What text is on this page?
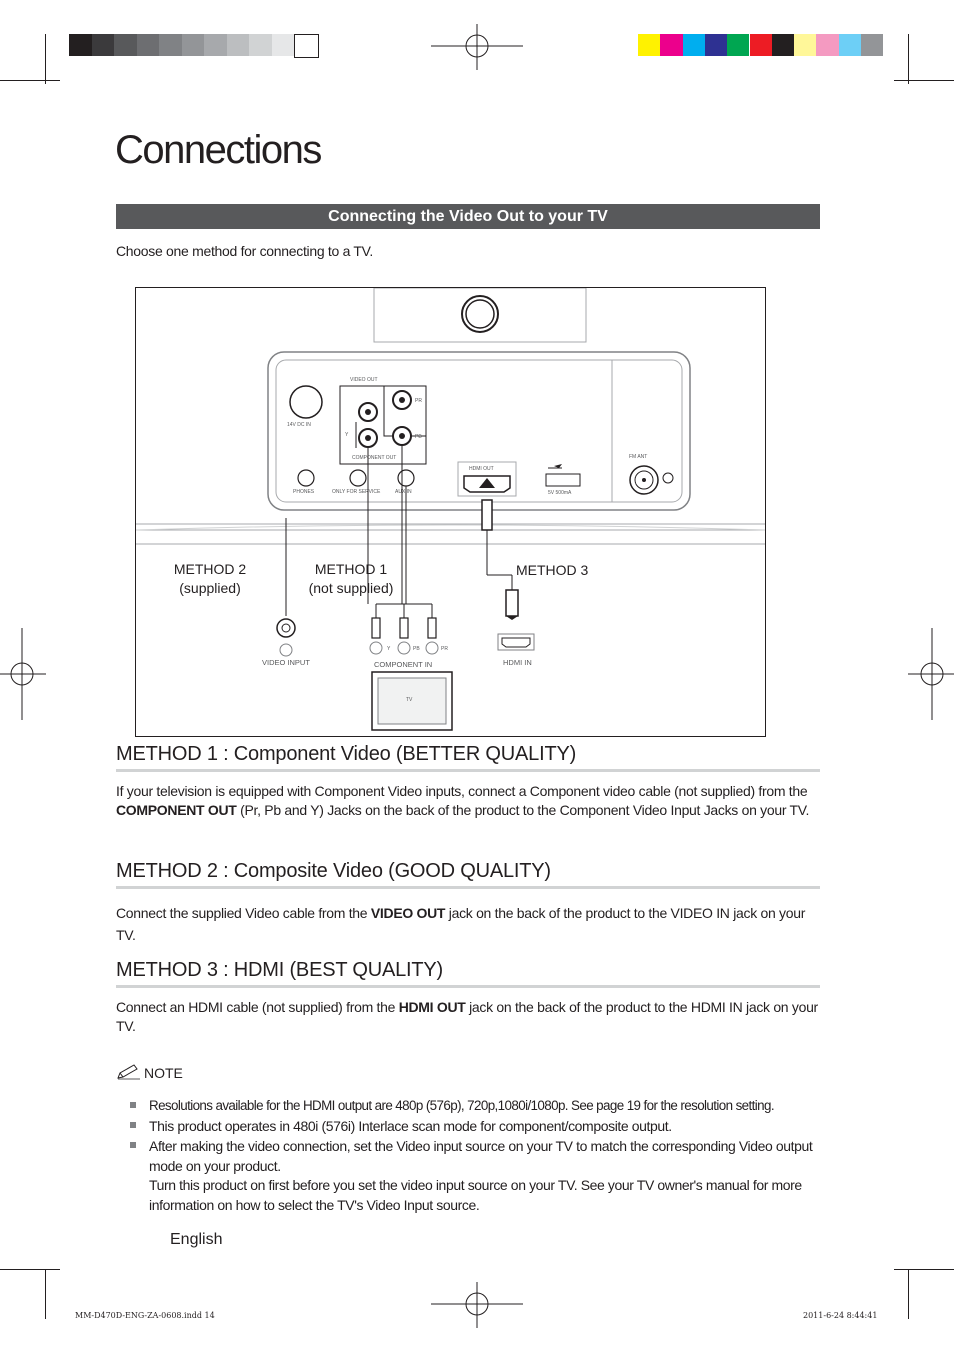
Connections
Connecting the Video Out to your TV
Choose one method for connecting to a TV.
14V DC IN
VIDEO OUT
PR
PB
Y
COMPONENT OUT
PHONES	ONLY FOR SERVICE	AUX IN
HDMI OUT
5V 500mA
FM ANT
VIDEO INPUT
Y	PB	PR
COMPONENT IN	HDMI IN
TV
METHOD 2
(supplied)
METHOD 1
(not supplied)
METHOD 3
METHOD 1 : Component Video (BETTER QUALITY)

If your television is equipped with Component Video inputs, connect a Component video cable (not supplied) from the COMPONENT OUT (Pr, Pb and Y) Jacks on the back of the product to the Component Video Input Jacks on your TV.

METHOD 2 : Composite Video (GOOD QUALITY)

Connect the supplied Video cable from the VIDEO OUT jack on the back of the product to the VIDEO IN jack on your TV.

METHOD 3 : HDMI (BEST QUALITY)

Connect an HDMI cable (not supplied) from the HDMI OUT jack on the back of the product to the HDMI IN jack on your TV.

NOTE
Resolutions available for the HDMI output are 480p (576p), 720p,1080i/1080p. See page 19 for the resolution setting.
This product operates in 480i (576i) Interlace scan mode for component/composite output.
After making the video connection, set the Video input source on your TV to match the corresponding Video output mode on your product.
Turn this product on first before you set the video input source on your TV. See your TV owner's manual for more information on how to select the TV's Video Input source.
English
MM-D470D-ENG-ZA-0608.indd 14	2011-6-24 8:44:41
